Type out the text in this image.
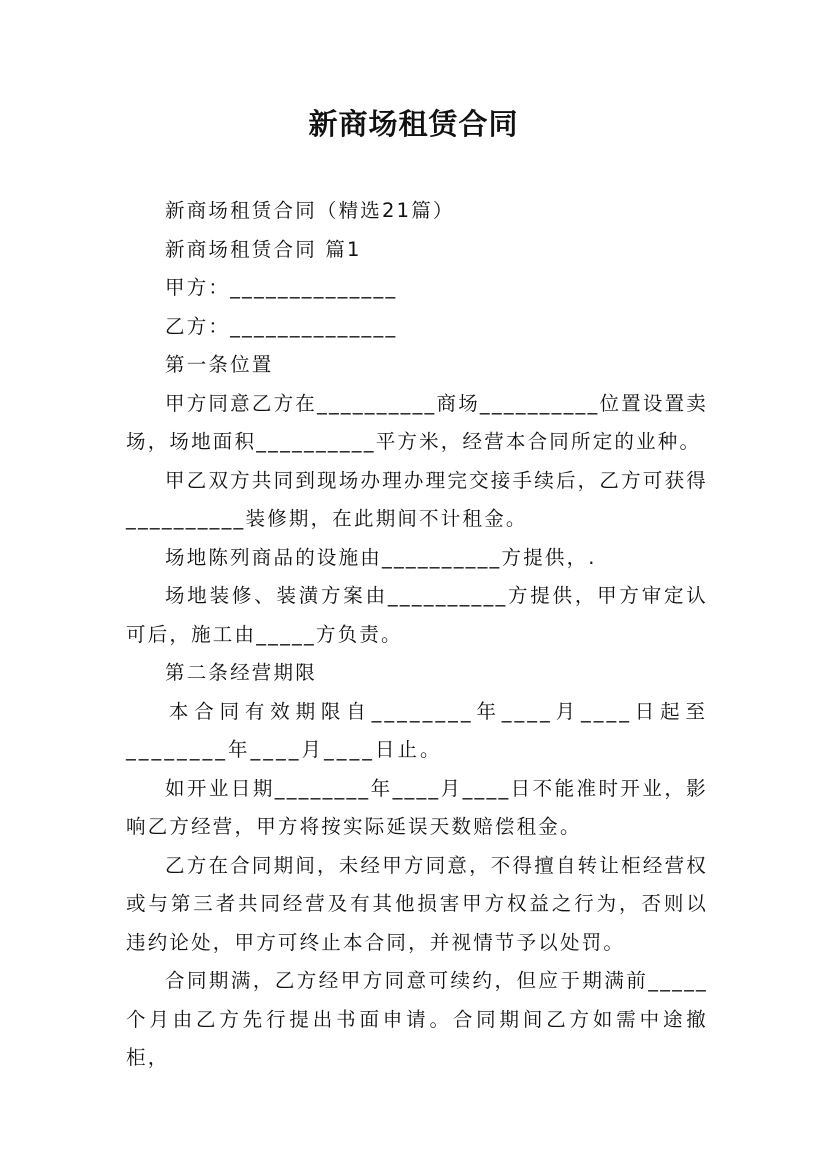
新商场租赁合同

新商场租赁合同（精选21篇）

新商场租赁合同 篇1

甲方：______________

乙方：______________

第一条位置

甲方同意乙方在__________商场__________位置设置卖场，场地面积__________平方米，经营本合同所定的业种。

甲乙双方共同到现场办理办理完交接手续后，乙方可获得__________装修期，在此期间不计租金。

场地陈列商品的设施由__________方提供，.

场地装修、装潢方案由__________方提供，甲方审定认可后，施工由_____方负责。

第二条经营期限

本合同有效期限自________年____月____日起至________年____月____日止。

如开业日期________年____月____日不能准时开业，影响乙方经营，甲方将按实际延误天数赔偿租金。

乙方在合同期间，未经甲方同意，不得擅自转让柜经营权或与第三者共同经营及有其他损害甲方权益之行为，否则以违约论处，甲方可终止本合同，并视情节予以处罚。

合同期满，乙方经甲方同意可续约，但应于期满前_____个月由乙方先行提出书面申请。合同期间乙方如需中途撤柜，
